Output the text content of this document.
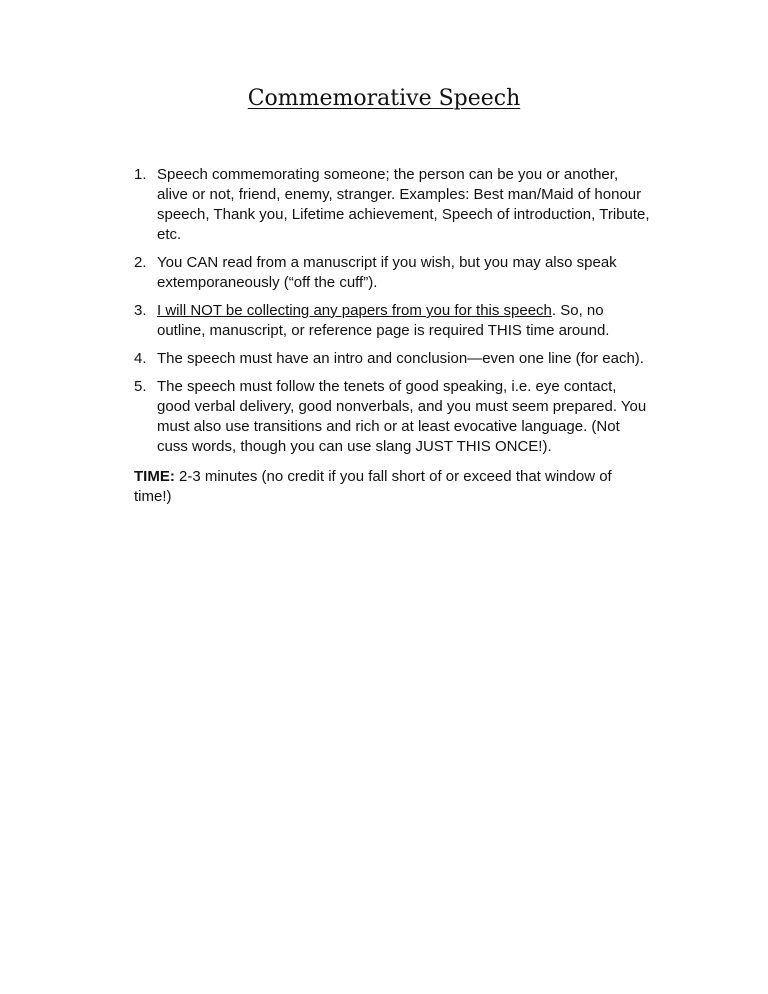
Commemorative Speech
1. Speech commemorating someone; the person can be you or another,
alive or not, friend, enemy, stranger. Examples: Best man/Maid of honour
speech, Thank you, Lifetime achievement, Speech of introduction, Tribute,
etc.
2. You CAN read from a manuscript if you wish, but you may also speak
extemporaneously (“off the cuff”).
3. I will NOT be collecting any papers from you for this speech. So, no
outline, manuscript, or reference page is required THIS time around.
4. The speech must have an intro and conclusion—even one line (for each).
5. The speech must follow the tenets of good speaking, i.e. eye contact,
good verbal delivery, good nonverbals, and you must seem prepared. You
must also use transitions and rich or at least evocative language. (Not
cuss words, though you can use slang JUST THIS ONCE!).
TIME: 2-3 minutes (no credit if you fall short of or exceed that window of
time!)
